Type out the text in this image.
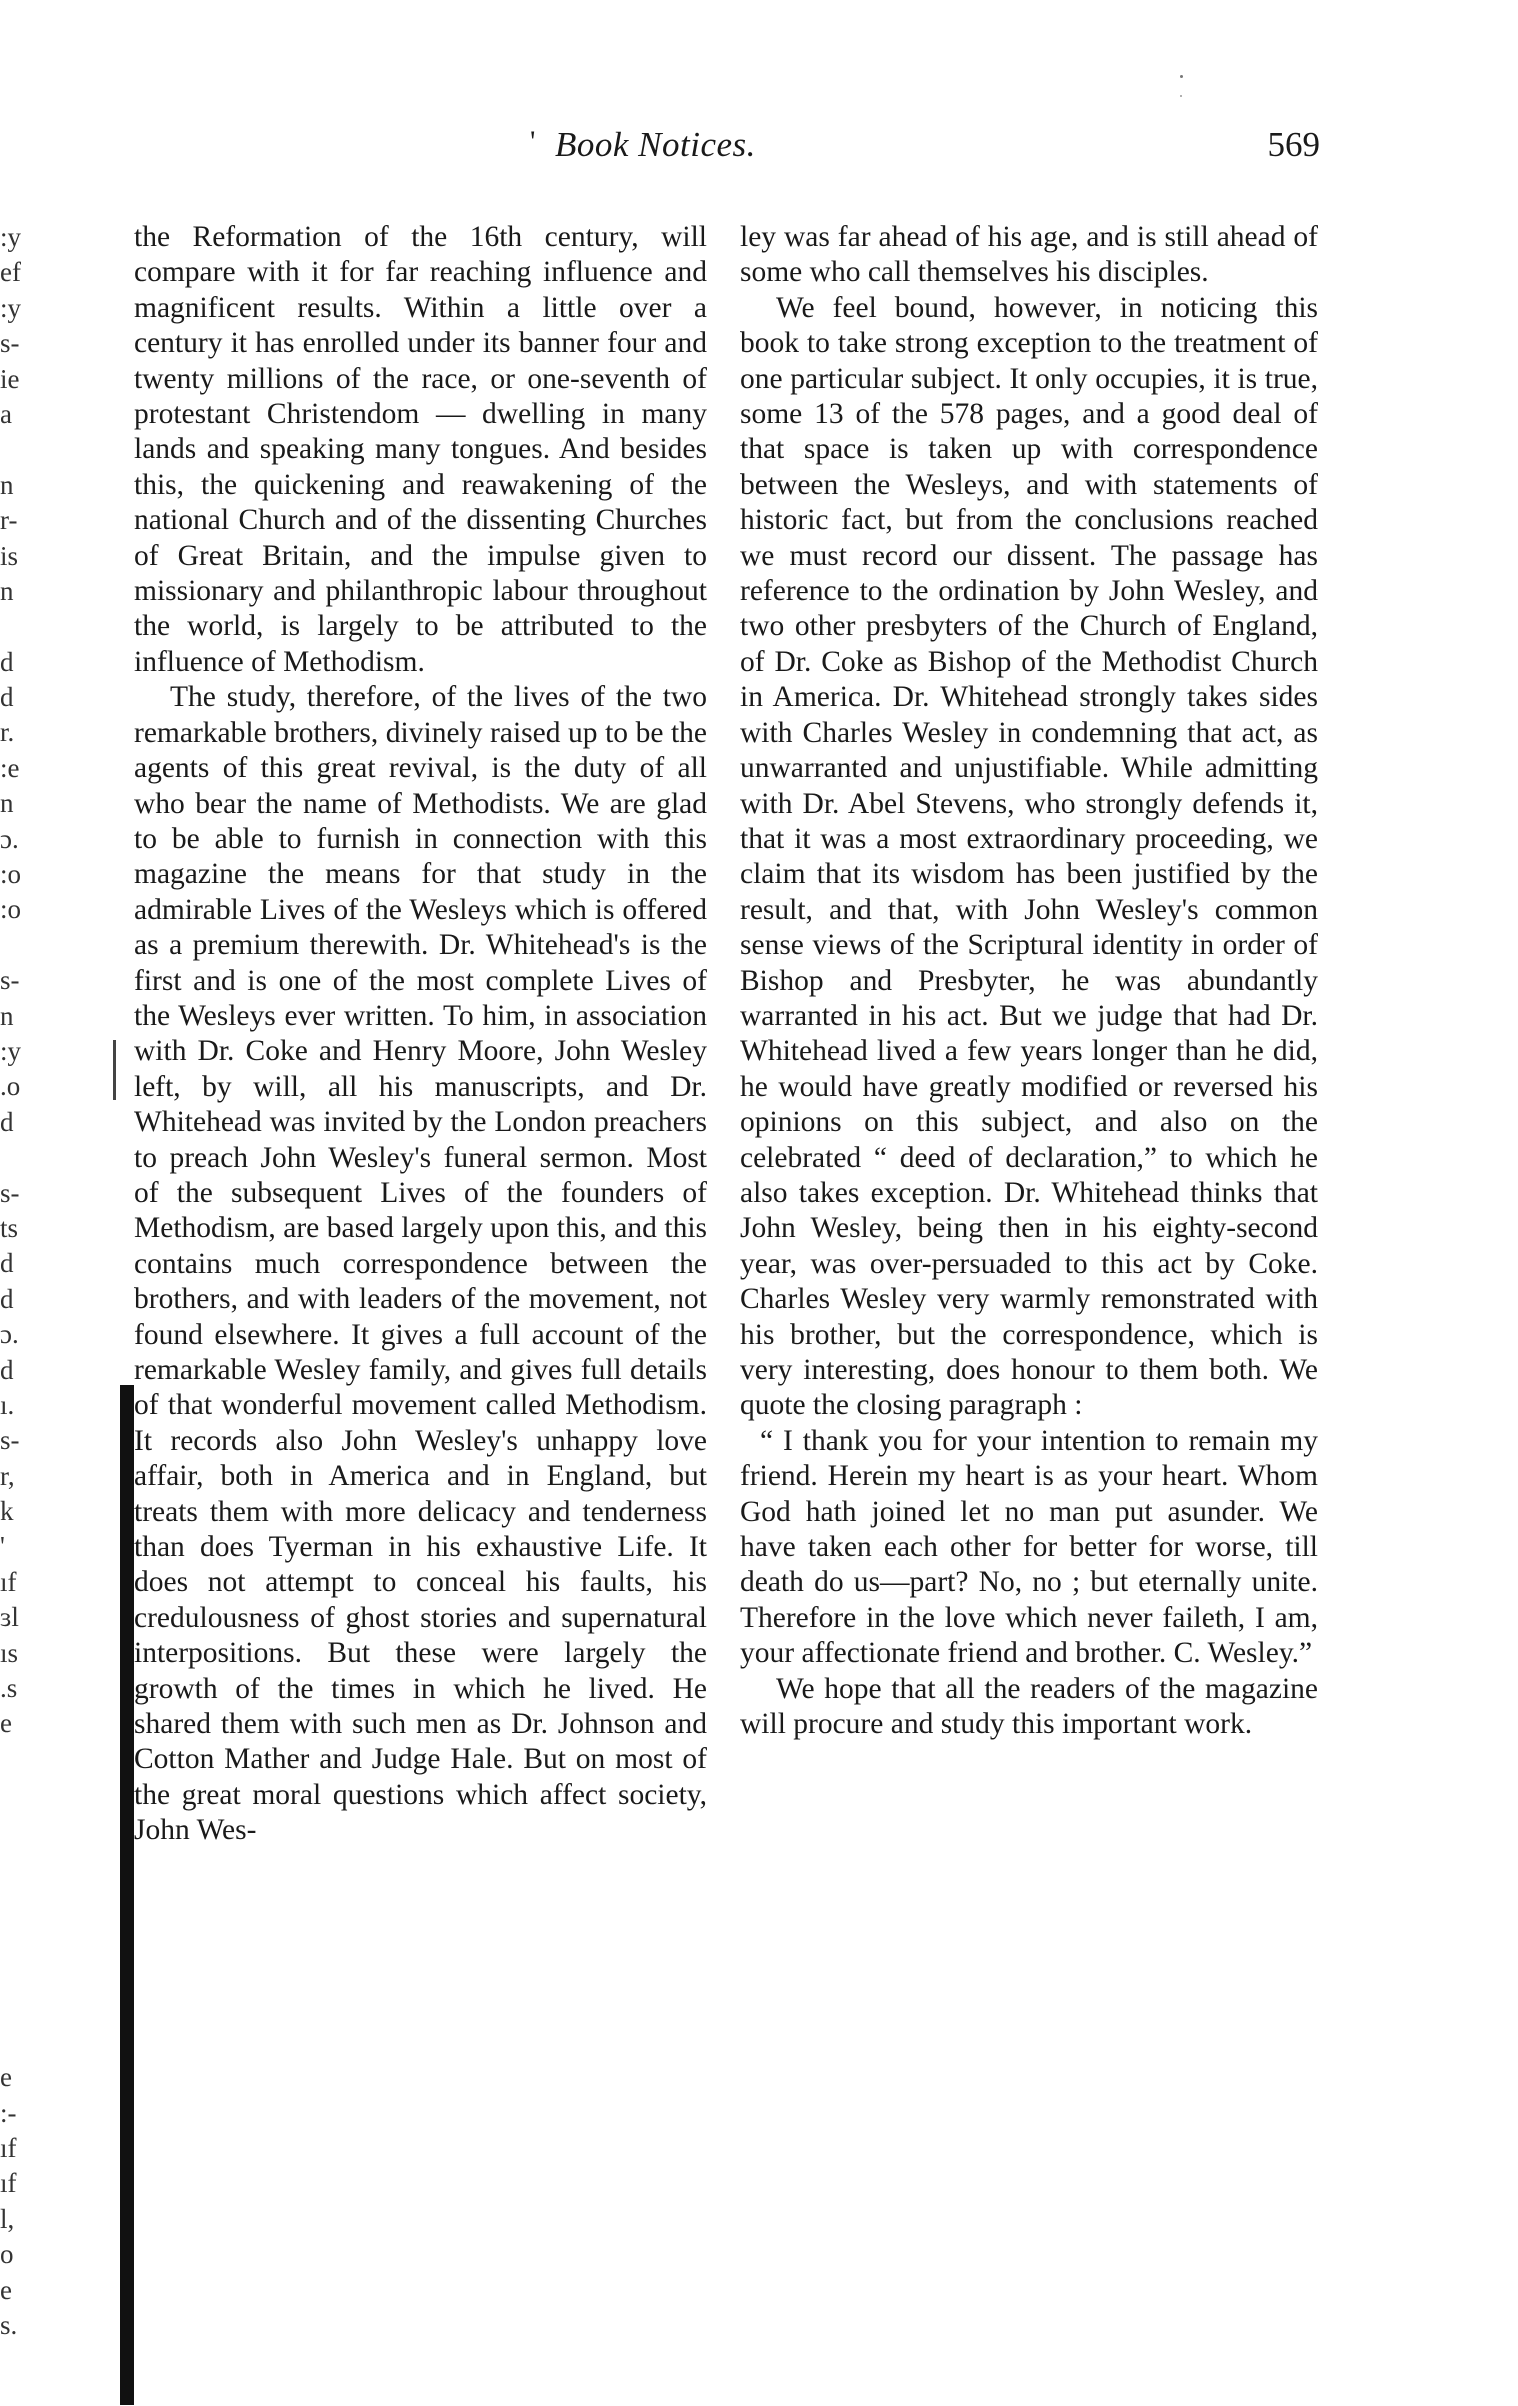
:y
ef
:y
s-
ie
a
n
r-
is
n
d
d
r.
:e
n
ɔ.
:o
:o
s-
n
:y
.o
d
s-
ts
d
d
ɔ.
d
ı.
s-
r,
k
'
ıf
ɜl
ıs
.s
e
e
:-
ıf
ıf
l,
o
e
s.
' Book Notices.	569

the Reformation of the 16th century, will compare with it for far reaching influence and magnificent results. Within a little over a century it has enrolled under its banner four and twenty millions of the race, or one-seventh of protestant Christendom — dwelling in many lands and speaking many tongues. And besides this, the quickening and reawakening of the national Church and of the dissenting Churches of Great Britain, and the impulse given to missionary and philanthropic labour throughout the world, is largely to be attributed to the influence of Methodism.

The study, therefore, of the lives of the two remarkable brothers, divinely raised up to be the agents of this great revival, is the duty of all who bear the name of Methodists. We are glad to be able to furnish in connection with this magazine the means for that study in the admirable Lives of the Wesleys which is offered as a premium therewith. Dr. Whitehead's is the first and is one of the most complete Lives of the Wesleys ever written. To him, in association with Dr. Coke and Henry Moore, John Wesley left, by will, all his manuscripts, and Dr. Whitehead was invited by the London preachers to preach John Wesley's funeral sermon. Most of the subsequent Lives of the founders of Methodism, are based largely upon this, and this contains much correspondence between the brothers, and with leaders of the movement, not found elsewhere. It gives a full account of the remarkable Wesley family, and gives full details of that wonderful movement called Methodism. It records also John Wesley's unhappy love affair, both in America and in England, but treats them with more delicacy and tenderness than does Tyerman in his exhaustive Life. It does not attempt to conceal his faults, his credulousness of ghost stories and supernatural interpositions. But these were largely the growth of the times in which he lived. He shared them with such men as Dr. Johnson and Cotton Mather and Judge Hale. But on most of the great moral questions which affect society, John Wes-

ley was far ahead of his age, and is still ahead of some who call themselves his disciples.

We feel bound, however, in noticing this book to take strong exception to the treatment of one particular subject. It only occupies, it is true, some 13 of the 578 pages, and a good deal of that space is taken up with correspondence between the Wesleys, and with statements of historic fact, but from the conclusions reached we must record our dissent. The passage has reference to the ordination by John Wesley, and two other presbyters of the Church of England, of Dr. Coke as Bishop of the Methodist Church in America. Dr. Whitehead strongly takes sides with Charles Wesley in condemning that act, as unwarranted and unjustifiable. While admitting with Dr. Abel Stevens, who strongly defends it, that it was a most extraordinary proceeding, we claim that its wisdom has been justified by the result, and that, with John Wesley's common sense views of the Scriptural identity in order of Bishop and Presbyter, he was abundantly warranted in his act. But we judge that had Dr. Whitehead lived a few years longer than he did, he would have greatly modified or reversed his opinions on this subject, and also on the celebrated “ deed of declaration,” to which he also takes exception. Dr. Whitehead thinks that John Wesley, being then in his eighty-second year, was over-persuaded to this act by Coke. Charles Wesley very warmly remonstrated with his brother, but the correspondence, which is very interesting, does honour to them both. We quote the closing paragraph :

“ I thank you for your intention to remain my friend. Herein my heart is as your heart. Whom God hath joined let no man put asunder. We have taken each other for better for worse, till death do us—part? No, no ; but eternally unite. Therefore in the love which never faileth, I am, your affectionate friend and brother. C. Wesley.”

We hope that all the readers of the magazine will procure and study this important work.
